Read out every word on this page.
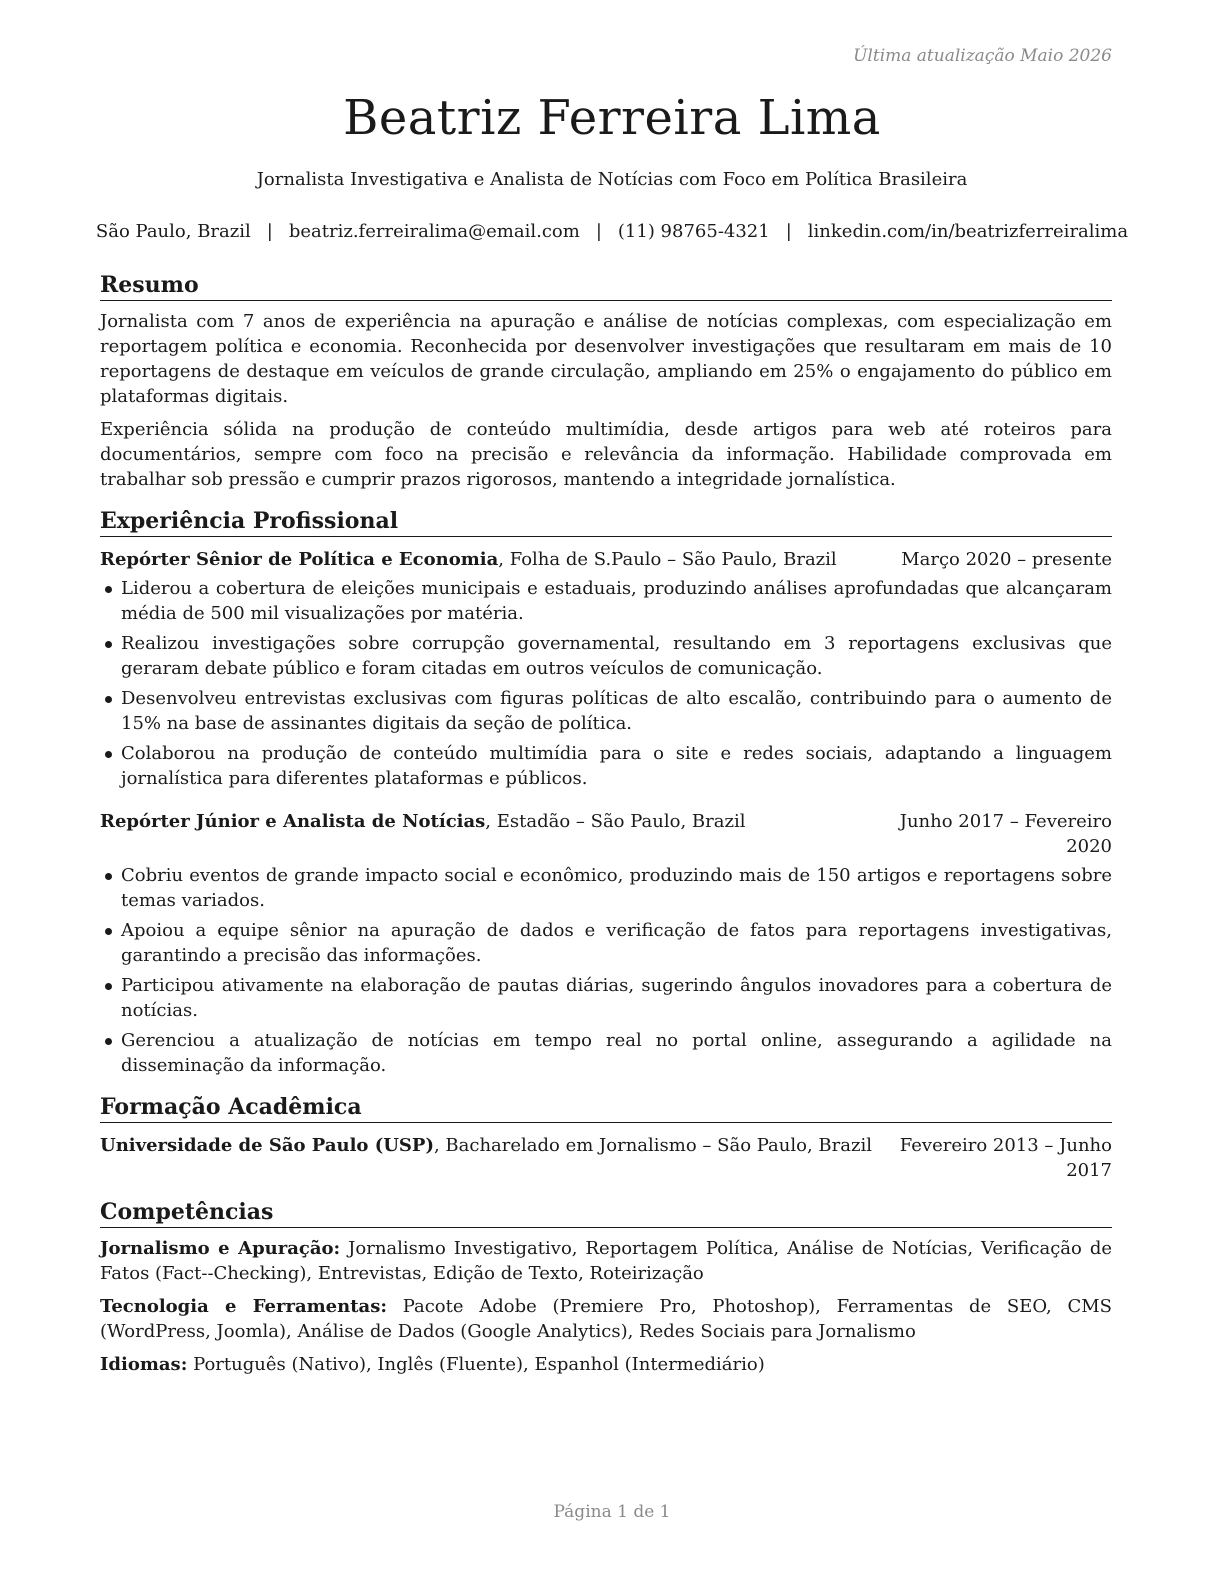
Última atualização Maio 2026
Beatriz Ferreira Lima
Jornalista Investigativa e Analista de Notícias com Foco em Política Brasileira
São Paulo, Brazil | beatriz.ferreiralima@email.com | (11) 98765-4321 | linkedin.com/in/beatrizferreiralima
Resumo

Jornalista com 7 anos de experiência na apuração e análise de notícias complexas, com especialização em reportagem política e economia. Reconhecida por desenvolver investigações que resultaram em mais de 10 reportagens de destaque em veículos de grande circulação, ampliando em 25% o engajamento do público em plataformas digitais.

Experiência sólida na produção de conteúdo multimídia, desde artigos para web até roteiros para documentários, sempre com foco na precisão e relevância da informação. Habilidade comprovada em trabalhar sob pressão e cumprir prazos rigorosos, mantendo a integridade jornalística.

Experiência Profissional
Repórter Sênior de Política e Economia, Folha de S.Paulo – São Paulo, Brazil	Março 2020 – presente
Liderou a cobertura de eleições municipais e estaduais, produzindo análises aprofundadas que alcançaram média de 500 mil visualizações por matéria.
Realizou investigações sobre corrupção governamental, resultando em 3 reportagens exclusivas que geraram debate público e foram citadas em outros veículos de comunicação.
Desenvolveu entrevistas exclusivas com figuras políticas de alto escalão, contribuindo para o aumento de 15% na base de assinantes digitais da seção de política.
Colaborou na produção de conteúdo multimídia para o site e redes sociais, adaptando a linguagem jornalística para diferentes plataformas e públicos.
Repórter Júnior e Analista de Notícias, Estadão – São Paulo, Brazil	Junho 2017 – Fevereiro 2020
Cobriu eventos de grande impacto social e econômico, produzindo mais de 150 artigos e reportagens sobre temas variados.
Apoiou a equipe sênior na apuração de dados e verificação de fatos para reportagens investigativas, garantindo a precisão das informações.
Participou ativamente na elaboração de pautas diárias, sugerindo ângulos inovadores para a cobertura de notícias.
Gerenciou a atualização de notícias em tempo real no portal online, assegurando a agilidade na disseminação da informação.
Formação Acadêmica
Universidade de São Paulo (USP), Bacharelado em Jornalismo – São Paulo, Brazil	Fevereiro 2013 – Junho 2017
Competências

Jornalismo e Apuração: Jornalismo Investigativo, Reportagem Política, Análise de Notícias, Verificação de Fatos (Fact--Checking), Entrevistas, Edição de Texto, Roteirização

Tecnologia e Ferramentas: Pacote Adobe (Premiere Pro, Photoshop), Ferramentas de SEO, CMS (WordPress, Joomla), Análise de Dados (Google Analytics), Redes Sociais para Jornalismo

Idiomas: Português (Nativo), Inglês (Fluente), Espanhol (Intermediário)

Página 1 de 1
